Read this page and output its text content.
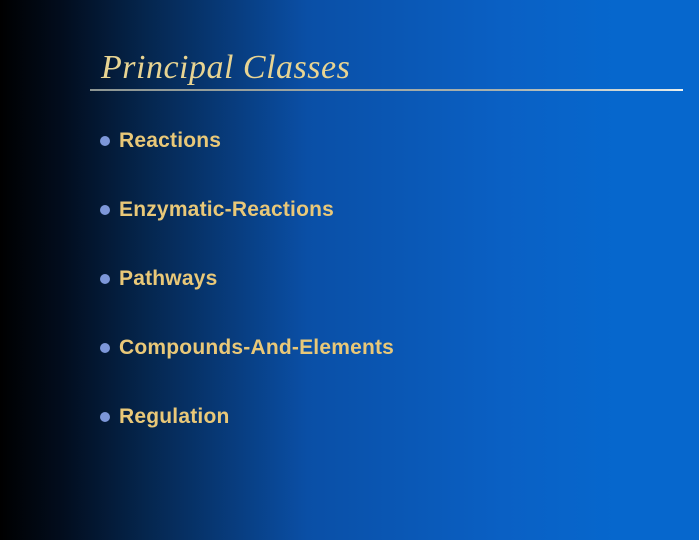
Principal Classes
Reactions
Enzymatic-Reactions
Pathways
Compounds-And-Elements
Regulation
